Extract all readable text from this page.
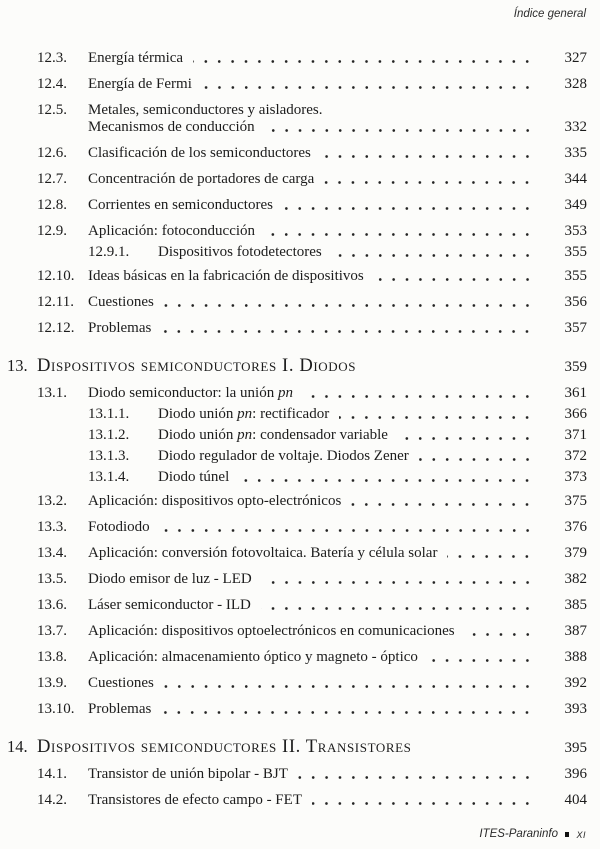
Índice general
12.3.	Energía térmica	327
12.4.	Energía de Fermi	328
12.5.	Metales, semiconductores y aisladores.
Mecanismos de conducción	332
12.6.	Clasificación de los semiconductores	335
12.7.	Concentración de portadores de carga	344
12.8.	Corrientes en semiconductores	349
12.9.	Aplicación: fotoconducción	353
12.9.1.	Dispositivos fotodetectores	355
12.10. Ideas básicas en la fabricación de dispositivos	355
12.11. Cuestiones	356
12.12. Problemas	357
13. Dispositivos semiconductores I. Diodos	359
13.1.	Diodo semiconductor: la unión pn	361
13.1.1.	Diodo unión pn: rectificador	366
13.1.2.	Diodo unión pn: condensador variable	371
13.1.3.	Diodo regulador de voltaje. Diodos Zener	372
13.1.4.	Diodo túnel	373
13.2.	Aplicación: dispositivos opto-electrónicos	375
13.3.	Fotodiodo	376
13.4.	Aplicación: conversión fotovoltaica. Batería y célula solar	379
13.5.	Diodo emisor de luz - LED	382
13.6.	Láser semiconductor - ILD	385
13.7.	Aplicación: dispositivos optoelectrónicos en comunicaciones	387
13.8.	Aplicación: almacenamiento óptico y magneto - óptico	388
13.9.	Cuestiones	392
13.10. Problemas	393
14. Dispositivos semiconductores II. Transistores	395
14.1.	Transistor de unión bipolar - BJT	396
14.2.	Transistores de efecto campo - FET	404
ITES-Paraninfo xi
